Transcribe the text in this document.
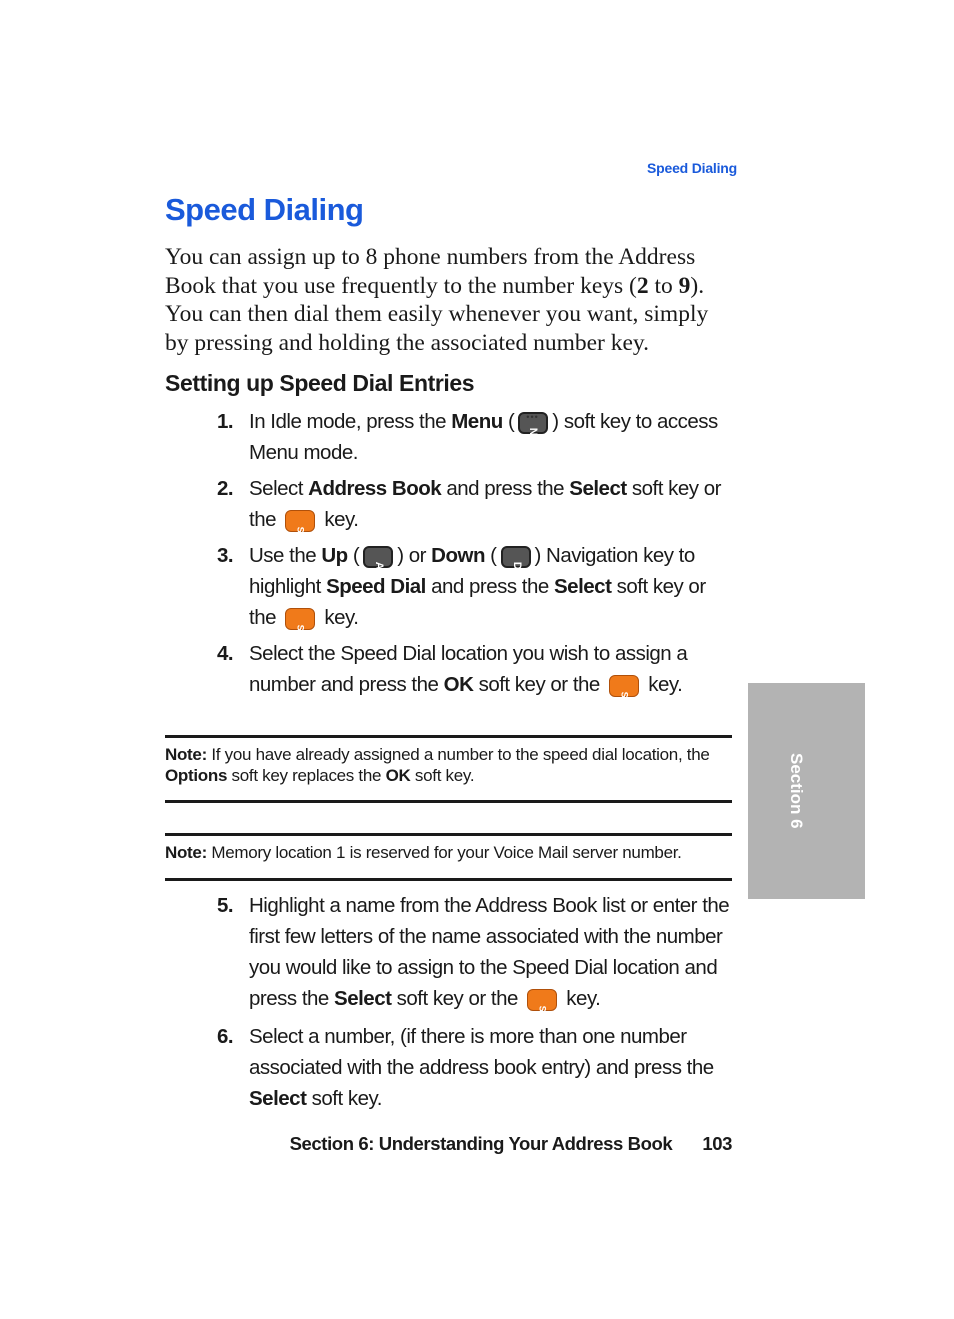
Speed Dialing
Speed Dialing

You can assign up to 8 phone numbers from the Address Book that you use frequently to the number keys (2 to 9). You can then dial them easily whenever you want, simply by pressing and holding the associated number key.

Setting up Speed Dial Entries
1. In Idle mode, press the Menu ( ••• N ) soft key to access Menu mode.
2. Select Address Book and press the Select soft key or the S key.
3. Use the Up ( A ) or Down ( D ) Navigation key to highlight Speed Dial and press the Select soft key or the S key.
4. Select the Speed Dial location you wish to assign a number and press the OK soft key or the S key.
Note: If you have already assigned a number to the speed dial location, the Options soft key replaces the OK soft key.
Note: Memory location 1 is reserved for your Voice Mail server number.
5. Highlight a name from the Address Book list or enter the first few letters of the name associated with the number you would like to assign to the Speed Dial location and press the Select soft key or the S key.
6. Select a number, (if there is more than one number associated with the address book entry) and press the Select soft key.
Section 6
Section 6: Understanding Your Address Book 103
